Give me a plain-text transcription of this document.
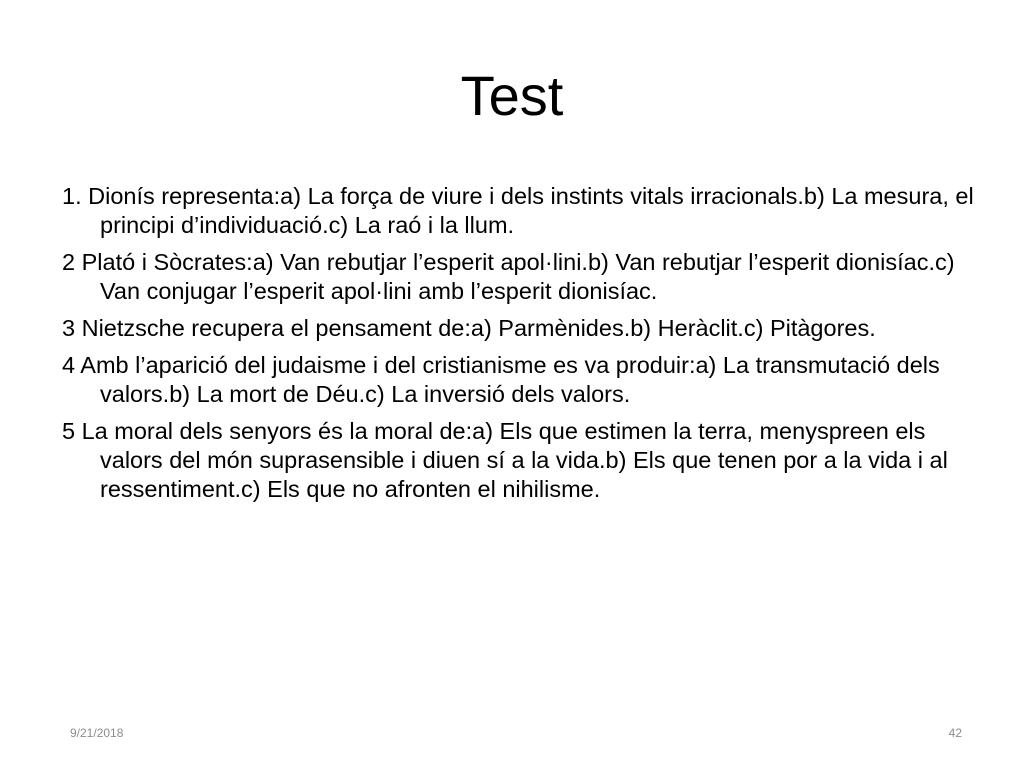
Test
1. Dionís representa:a) La força de viure i dels instints vitals irracionals.b) La mesura, el principi d’individuació.c) La raó i la llum.
2 Plató i Sòcrates:a) Van rebutjar l’esperit apol·lini.b) Van rebutjar l’esperit dionisíac.c) Van conjugar l’esperit apol·lini amb l’esperit dionisíac.
3 Nietzsche recupera el pensament de:a) Parmènides.b) Heràclit.c) Pitàgores.
4 Amb l’aparició del judaisme i del cristianisme es va produir:a) La transmutació dels valors.b) La mort de Déu.c) La inversió dels valors.
5 La moral dels senyors és la moral de:a) Els que estimen la terra, menyspreen els valors del món suprasensible i diuen sí a la vida.b) Els que tenen por a la vida i al ressentiment.c) Els que no afronten el nihilisme.
9/21/2018	42
